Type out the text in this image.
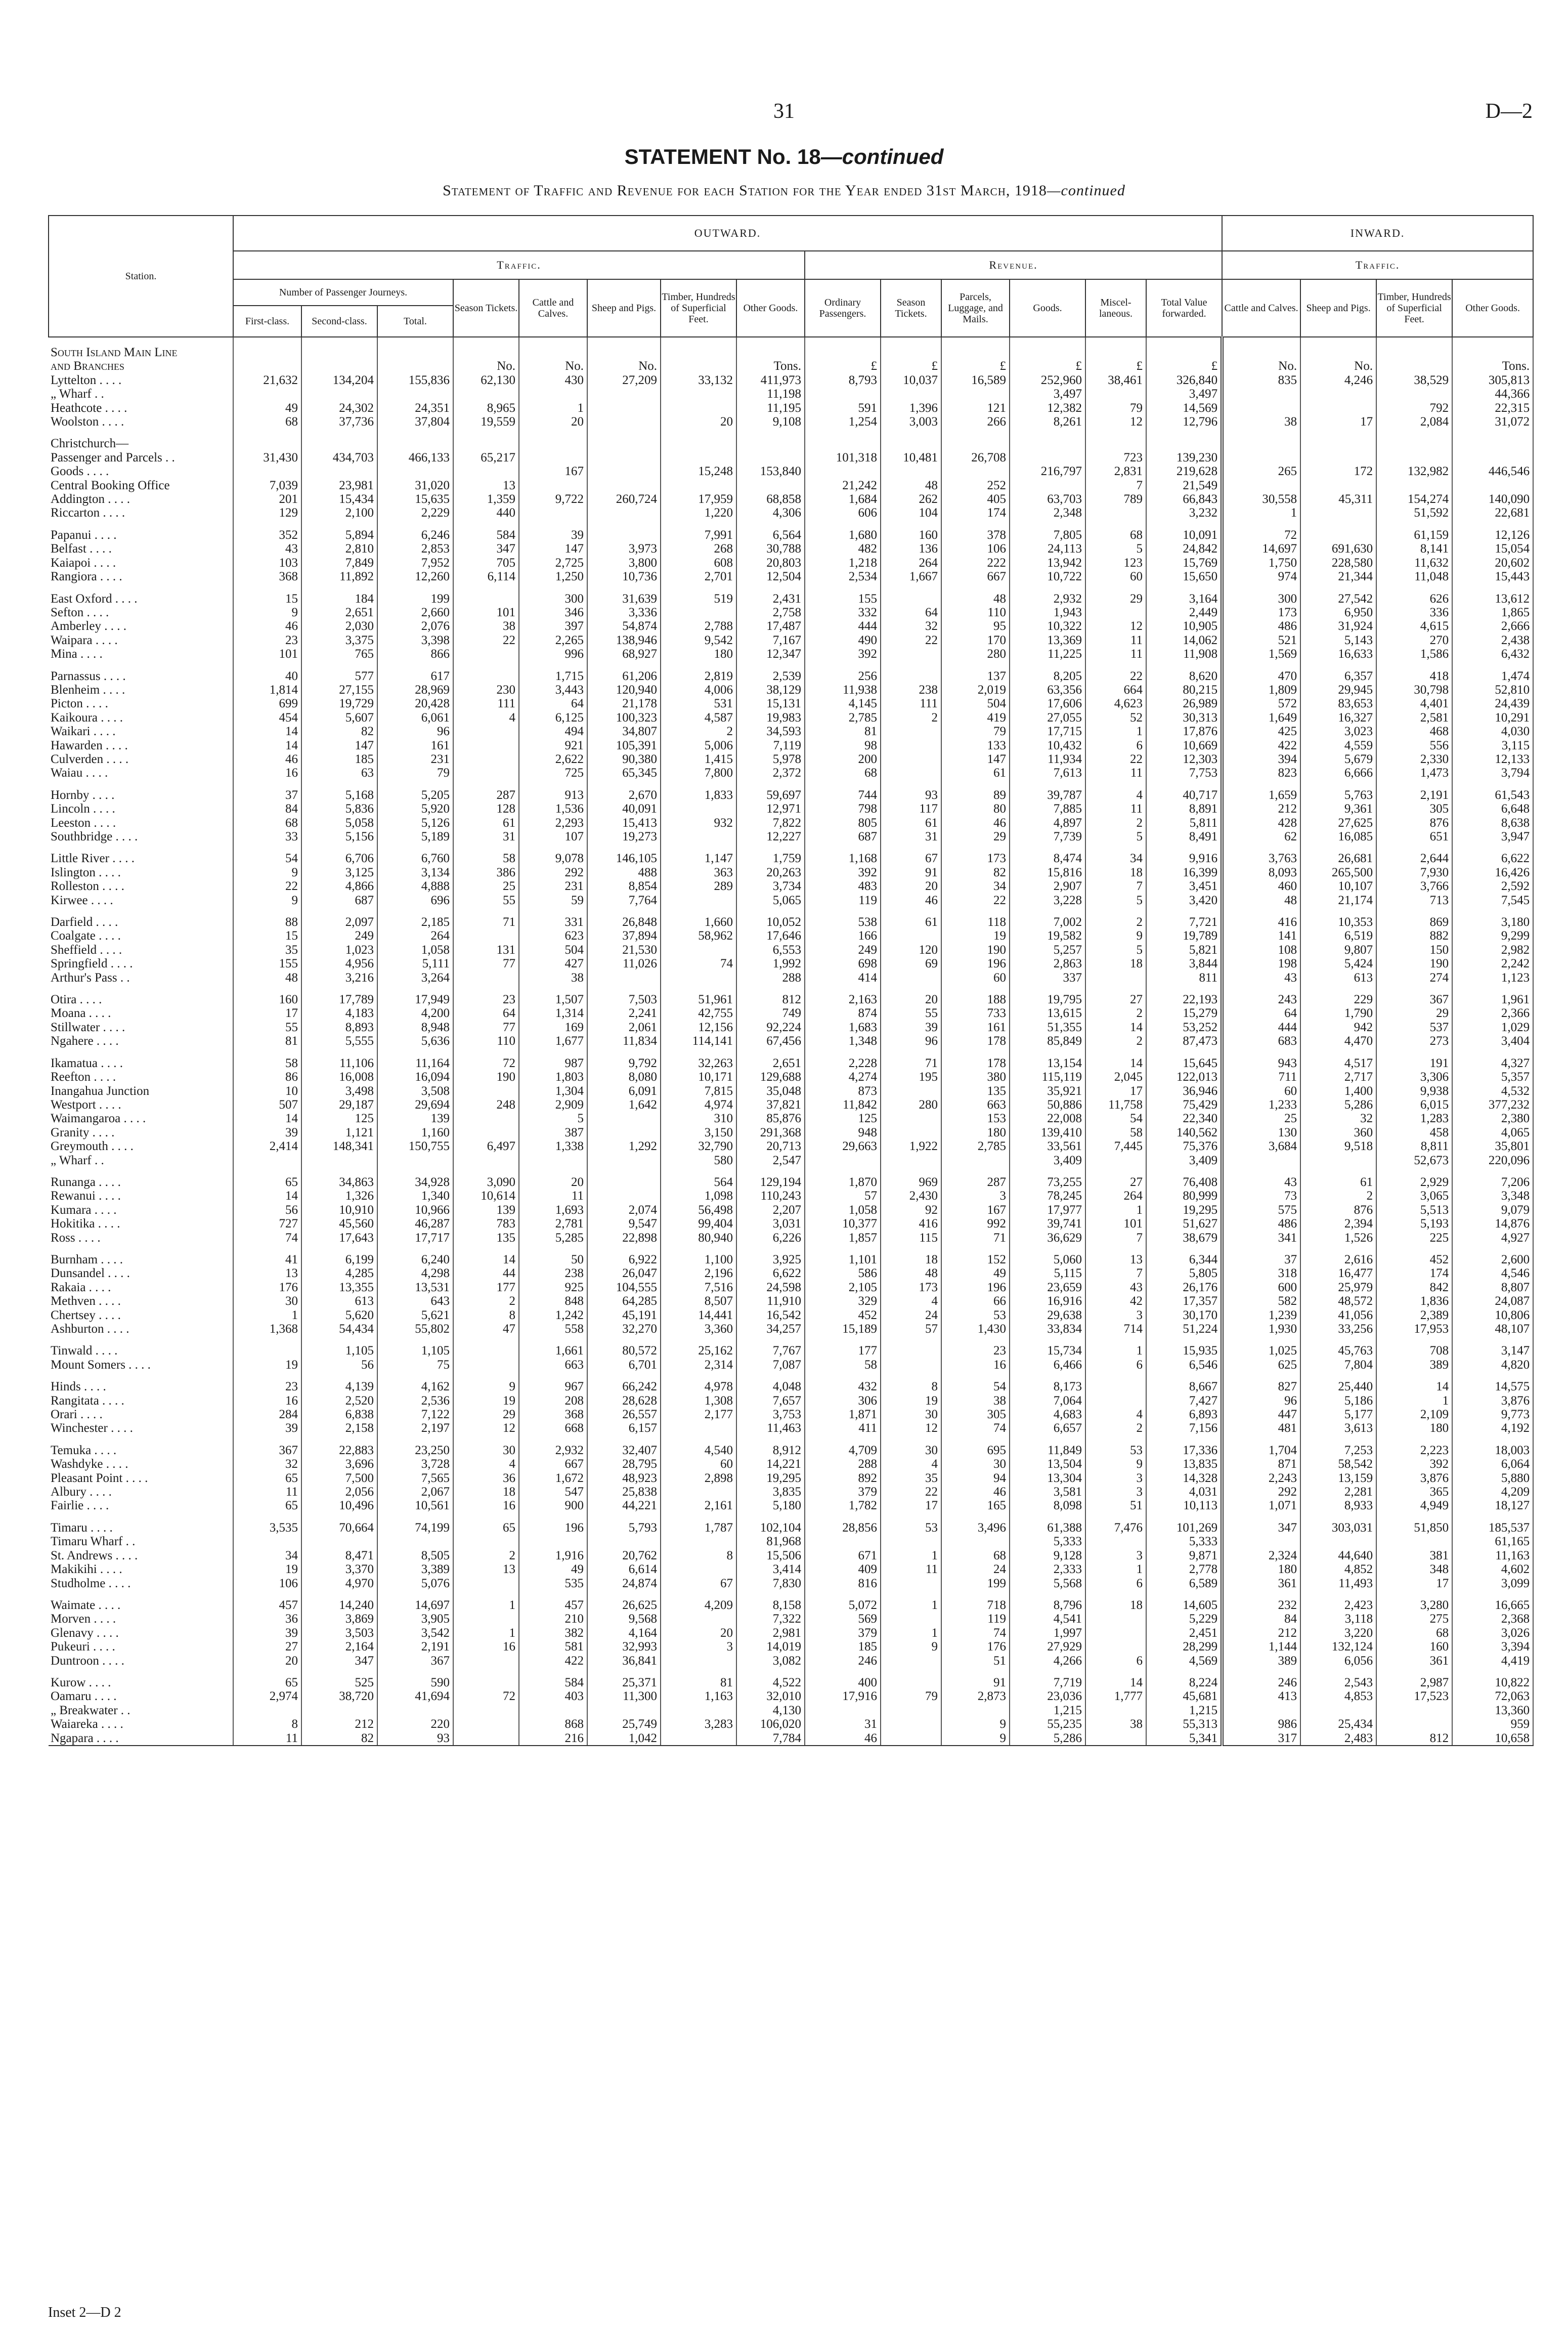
31	D—2
STATEMENT No. 18—continued
Statement of Traffic and Revenue for each Station for the Year ended 31st March, 1918—continued
Station.	OUTWARD.														INWARD.			
	Traffic.								Revenue.						Traffic.			
	Number of Passenger Journeys.			Season Tickets.	Cattle and Calves.	Sheep and Pigs.	Timber, Hundreds of Superficial Feet.	Other Goods.	Ordinary Passengers.	Season Tickets.	Parcels, Luggage, and Mails.	Goods.	Miscel-laneous.	Total Value forwarded.	Cattle and Calves.	Sheep and Pigs.	Timber, Hundreds of Superficial Feet.	Other Goods.
	First-class.	Second-class.	Total.															

South Island Main Line																		
and Branches				No.	No.	No.		Tons.	£	£	£	£	£	£	No.	No.		Tons.
Lyttelton . . . .	21,632	134,204	155,836	62,130	430	27,209	33,132	411,973	8,793	10,037	16,589	252,960	38,461	326,840	835	4,246	38,529	305,813
„ Wharf . .								11,198				3,497		3,497				44,366
Heathcote . . . .	49	24,302	24,351	8,965	1			11,195	591	1,396	121	12,382	79	14,569			792	22,315
Woolston . . . .	68	37,736	37,804	19,559	20		20	9,108	1,254	3,003	266	8,261	12	12,796	38	17	2,084	31,072

Christchurch—																		
Passenger and Parcels . .	31,430	434,703	466,133	65,217					101,318	10,481	26,708		723	139,230				
Goods . . . .					167		15,248	153,840				216,797	2,831	219,628	265	172	132,982	446,546
Central Booking Office	7,039	23,981	31,020	13					21,242	48	252		7	21,549				
Addington . . . .	201	15,434	15,635	1,359	9,722	260,724	17,959	68,858	1,684	262	405	63,703	789	66,843	30,558	45,311	154,274	140,090
Riccarton . . . .	129	2,100	2,229	440			1,220	4,306	606	104	174	2,348		3,232	1		51,592	22,681

Papanui . . . .	352	5,894	6,246	584	39		7,991	6,564	1,680	160	378	7,805	68	10,091	72		61,159	12,126
Belfast . . . .	43	2,810	2,853	347	147	3,973	268	30,788	482	136	106	24,113	5	24,842	14,697	691,630	8,141	15,054
Kaiapoi . . . .	103	7,849	7,952	705	2,725	3,800	608	20,803	1,218	264	222	13,942	123	15,769	1,750	228,580	11,632	20,602
Rangiora . . . .	368	11,892	12,260	6,114	1,250	10,736	2,701	12,504	2,534	1,667	667	10,722	60	15,650	974	21,344	11,048	15,443

East Oxford . . . .	15	184	199		300	31,639	519	2,431	155		48	2,932	29	3,164	300	27,542	626	13,612
Sefton . . . .	9	2,651	2,660	101	346	3,336		2,758	332	64	110	1,943		2,449	173	6,950	336	1,865
Amberley . . . .	46	2,030	2,076	38	397	54,874	2,788	17,487	444	32	95	10,322	12	10,905	486	31,924	4,615	2,666
Waipara . . . .	23	3,375	3,398	22	2,265	138,946	9,542	7,167	490	22	170	13,369	11	14,062	521	5,143	270	2,438
Mina . . . .	101	765	866		996	68,927	180	12,347	392		280	11,225	11	11,908	1,569	16,633	1,586	6,432

Parnassus . . . .	40	577	617		1,715	61,206	2,819	2,539	256		137	8,205	22	8,620	470	6,357	418	1,474
Blenheim . . . .	1,814	27,155	28,969	230	3,443	120,940	4,006	38,129	11,938	238	2,019	63,356	664	80,215	1,809	29,945	30,798	52,810
Picton . . . .	699	19,729	20,428	111	64	21,178	531	15,131	4,145	111	504	17,606	4,623	26,989	572	83,653	4,401	24,439
Kaikoura . . . .	454	5,607	6,061	4	6,125	100,323	4,587	19,983	2,785	2	419	27,055	52	30,313	1,649	16,327	2,581	10,291
Waikari . . . .	14	82	96		494	34,807	2	34,593	81		79	17,715	1	17,876	425	3,023	468	4,030
Hawarden . . . .	14	147	161		921	105,391	5,006	7,119	98		133	10,432	6	10,669	422	4,559	556	3,115
Culverden . . . .	46	185	231		2,622	90,380	1,415	5,978	200		147	11,934	22	12,303	394	5,679	2,330	12,133
Waiau . . . .	16	63	79		725	65,345	7,800	2,372	68		61	7,613	11	7,753	823	6,666	1,473	3,794

Hornby . . . .	37	5,168	5,205	287	913	2,670	1,833	59,697	744	93	89	39,787	4	40,717	1,659	5,763	2,191	61,543
Lincoln . . . .	84	5,836	5,920	128	1,536	40,091		12,971	798	117	80	7,885	11	8,891	212	9,361	305	6,648
Leeston . . . .	68	5,058	5,126	61	2,293	15,413	932	7,822	805	61	46	4,897	2	5,811	428	27,625	876	8,638
Southbridge . . . .	33	5,156	5,189	31	107	19,273		12,227	687	31	29	7,739	5	8,491	62	16,085	651	3,947

Little River . . . .	54	6,706	6,760	58	9,078	146,105	1,147	1,759	1,168	67	173	8,474	34	9,916	3,763	26,681	2,644	6,622
Islington . . . .	9	3,125	3,134	386	292	488	363	20,263	392	91	82	15,816	18	16,399	8,093	265,500	7,930	16,426
Rolleston . . . .	22	4,866	4,888	25	231	8,854	289	3,734	483	20	34	2,907	7	3,451	460	10,107	3,766	2,592
Kirwee . . . .	9	687	696	55	59	7,764		5,065	119	46	22	3,228	5	3,420	48	21,174	713	7,545

Darfield . . . .	88	2,097	2,185	71	331	26,848	1,660	10,052	538	61	118	7,002	2	7,721	416	10,353	869	3,180
Coalgate . . . .	15	249	264		623	37,894	58,962	17,646	166		19	19,582	9	19,789	141	6,519	882	9,299
Sheffield . . . .	35	1,023	1,058	131	504	21,530		6,553	249	120	190	5,257	5	5,821	108	9,807	150	2,982
Springfield . . . .	155	4,956	5,111	77	427	11,026	74	1,992	698	69	196	2,863	18	3,844	198	5,424	190	2,242
Arthur's Pass . .	48	3,216	3,264		38			288	414		60	337		811	43	613	274	1,123

Otira . . . .	160	17,789	17,949	23	1,507	7,503	51,961	812	2,163	20	188	19,795	27	22,193	243	229	367	1,961
Moana . . . .	17	4,183	4,200	64	1,314	2,241	42,755	749	874	55	733	13,615	2	15,279	64	1,790	29	2,366
Stillwater . . . .	55	8,893	8,948	77	169	2,061	12,156	92,224	1,683	39	161	51,355	14	53,252	444	942	537	1,029
Ngahere . . . .	81	5,555	5,636	110	1,677	11,834	114,141	67,456	1,348	96	178	85,849	2	87,473	683	4,470	273	3,404

Ikamatua . . . .	58	11,106	11,164	72	987	9,792	32,263	2,651	2,228	71	178	13,154	14	15,645	943	4,517	191	4,327
Reefton . . . .	86	16,008	16,094	190	1,803	8,080	10,171	129,688	4,274	195	380	115,119	2,045	122,013	711	2,717	3,306	5,357
Inangahua Junction	10	3,498	3,508		1,304	6,091	7,815	35,048	873		135	35,921	17	36,946	60	1,400	9,938	4,532
Westport . . . .	507	29,187	29,694	248	2,909	1,642	4,974	37,821	11,842	280	663	50,886	11,758	75,429	1,233	5,286	6,015	377,232
Waimangaroa . . . .	14	125	139		5		310	85,876	125		153	22,008	54	22,340	25	32	1,283	2,380
Granity . . . .	39	1,121	1,160		387		3,150	291,368	948		180	139,410	58	140,562	130	360	458	4,065
Greymouth . . . .	2,414	148,341	150,755	6,497	1,338	1,292	32,790	20,713	29,663	1,922	2,785	33,561	7,445	75,376	3,684	9,518	8,811	35,801
„ Wharf . .							580	2,547				3,409		3,409			52,673	220,096

Runanga . . . .	65	34,863	34,928	3,090	20		564	129,194	1,870	969	287	73,255	27	76,408	43	61	2,929	7,206
Rewanui . . . .	14	1,326	1,340	10,614	11		1,098	110,243	57	2,430	3	78,245	264	80,999	73	2	3,065	3,348
Kumara . . . .	56	10,910	10,966	139	1,693	2,074	56,498	2,207	1,058	92	167	17,977	1	19,295	575	876	5,513	9,079
Hokitika . . . .	727	45,560	46,287	783	2,781	9,547	99,404	3,031	10,377	416	992	39,741	101	51,627	486	2,394	5,193	14,876
Ross . . . .	74	17,643	17,717	135	5,285	22,898	80,940	6,226	1,857	115	71	36,629	7	38,679	341	1,526	225	4,927

Burnham . . . .	41	6,199	6,240	14	50	6,922	1,100	3,925	1,101	18	152	5,060	13	6,344	37	2,616	452	2,600
Dunsandel . . . .	13	4,285	4,298	44	238	26,047	2,196	6,622	586	48	49	5,115	7	5,805	318	16,477	174	4,546
Rakaia . . . .	176	13,355	13,531	177	925	104,555	7,516	24,598	2,105	173	196	23,659	43	26,176	600	25,979	842	8,807
Methven . . . .	30	613	643	2	848	64,285	8,507	11,910	329	4	66	16,916	42	17,357	582	48,572	1,836	24,087
Chertsey . . . .	1	5,620	5,621	8	1,242	45,191	14,441	16,542	452	24	53	29,638	3	30,170	1,239	41,056	2,389	10,806
Ashburton . . . .	1,368	54,434	55,802	47	558	32,270	3,360	34,257	15,189	57	1,430	33,834	714	51,224	1,930	33,256	17,953	48,107

Tinwald . . . .		1,105	1,105		1,661	80,572	25,162	7,767	177		23	15,734	1	15,935	1,025	45,763	708	3,147
Mount Somers . . . .	19	56	75		663	6,701	2,314	7,087	58		16	6,466	6	6,546	625	7,804	389	4,820

Hinds . . . .	23	4,139	4,162	9	967	66,242	4,978	4,048	432	8	54	8,173		8,667	827	25,440	14	14,575
Rangitata . . . .	16	2,520	2,536	19	208	28,628	1,308	7,657	306	19	38	7,064		7,427	96	5,186	1	3,876
Orari . . . .	284	6,838	7,122	29	368	26,557	2,177	3,753	1,871	30	305	4,683	4	6,893	447	5,177	2,109	9,773
Winchester . . . .	39	2,158	2,197	12	668	6,157		11,463	411	12	74	6,657	2	7,156	481	3,613	180	4,192

Temuka . . . .	367	22,883	23,250	30	2,932	32,407	4,540	8,912	4,709	30	695	11,849	53	17,336	1,704	7,253	2,223	18,003
Washdyke . . . .	32	3,696	3,728	4	667	28,795	60	14,221	288	4	30	13,504	9	13,835	871	58,542	392	6,064
Pleasant Point . . . .	65	7,500	7,565	36	1,672	48,923	2,898	19,295	892	35	94	13,304	3	14,328	2,243	13,159	3,876	5,880
Albury . . . .	11	2,056	2,067	18	547	25,838		3,835	379	22	46	3,581	3	4,031	292	2,281	365	4,209
Fairlie . . . .	65	10,496	10,561	16	900	44,221	2,161	5,180	1,782	17	165	8,098	51	10,113	1,071	8,933	4,949	18,127

Timaru . . . .	3,535	70,664	74,199	65	196	5,793	1,787	102,104	28,856	53	3,496	61,388	7,476	101,269	347	303,031	51,850	185,537
Timaru Wharf . .								81,968				5,333		5,333				61,165
St. Andrews . . . .	34	8,471	8,505	2	1,916	20,762	8	15,506	671	1	68	9,128	3	9,871	2,324	44,640	381	11,163
Makikihi . . . .	19	3,370	3,389	13	49	6,614		3,414	409	11	24	2,333	1	2,778	180	4,852	348	4,602
Studholme . . . .	106	4,970	5,076		535	24,874	67	7,830	816		199	5,568	6	6,589	361	11,493	17	3,099

Waimate . . . .	457	14,240	14,697	1	457	26,625	4,209	8,158	5,072	1	718	8,796	18	14,605	232	2,423	3,280	16,665
Morven . . . .	36	3,869	3,905		210	9,568		7,322	569		119	4,541		5,229	84	3,118	275	2,368
Glenavy . . . .	39	3,503	3,542	1	382	4,164	20	2,981	379	1	74	1,997		2,451	212	3,220	68	3,026
Pukeuri . . . .	27	2,164	2,191	16	581	32,993	3	14,019	185	9	176	27,929		28,299	1,144	132,124	160	3,394
Duntroon . . . .	20	347	367		422	36,841		3,082	246		51	4,266	6	4,569	389	6,056	361	4,419

Kurow . . . .	65	525	590		584	25,371	81	4,522	400		91	7,719	14	8,224	246	2,543	2,987	10,822
Oamaru . . . .	2,974	38,720	41,694	72	403	11,300	1,163	32,010	17,916	79	2,873	23,036	1,777	45,681	413	4,853	17,523	72,063
„ Breakwater . .								4,130				1,215		1,215				13,360
Waiareka . . . .	8	212	220		868	25,749	3,283	106,020	31		9	55,235	38	55,313	986	25,434		959
Ngapara . . . .	11	82	93		216	1,042		7,784	46		9	5,286		5,341	317	2,483	812	10,658
Inset 2—D 2
